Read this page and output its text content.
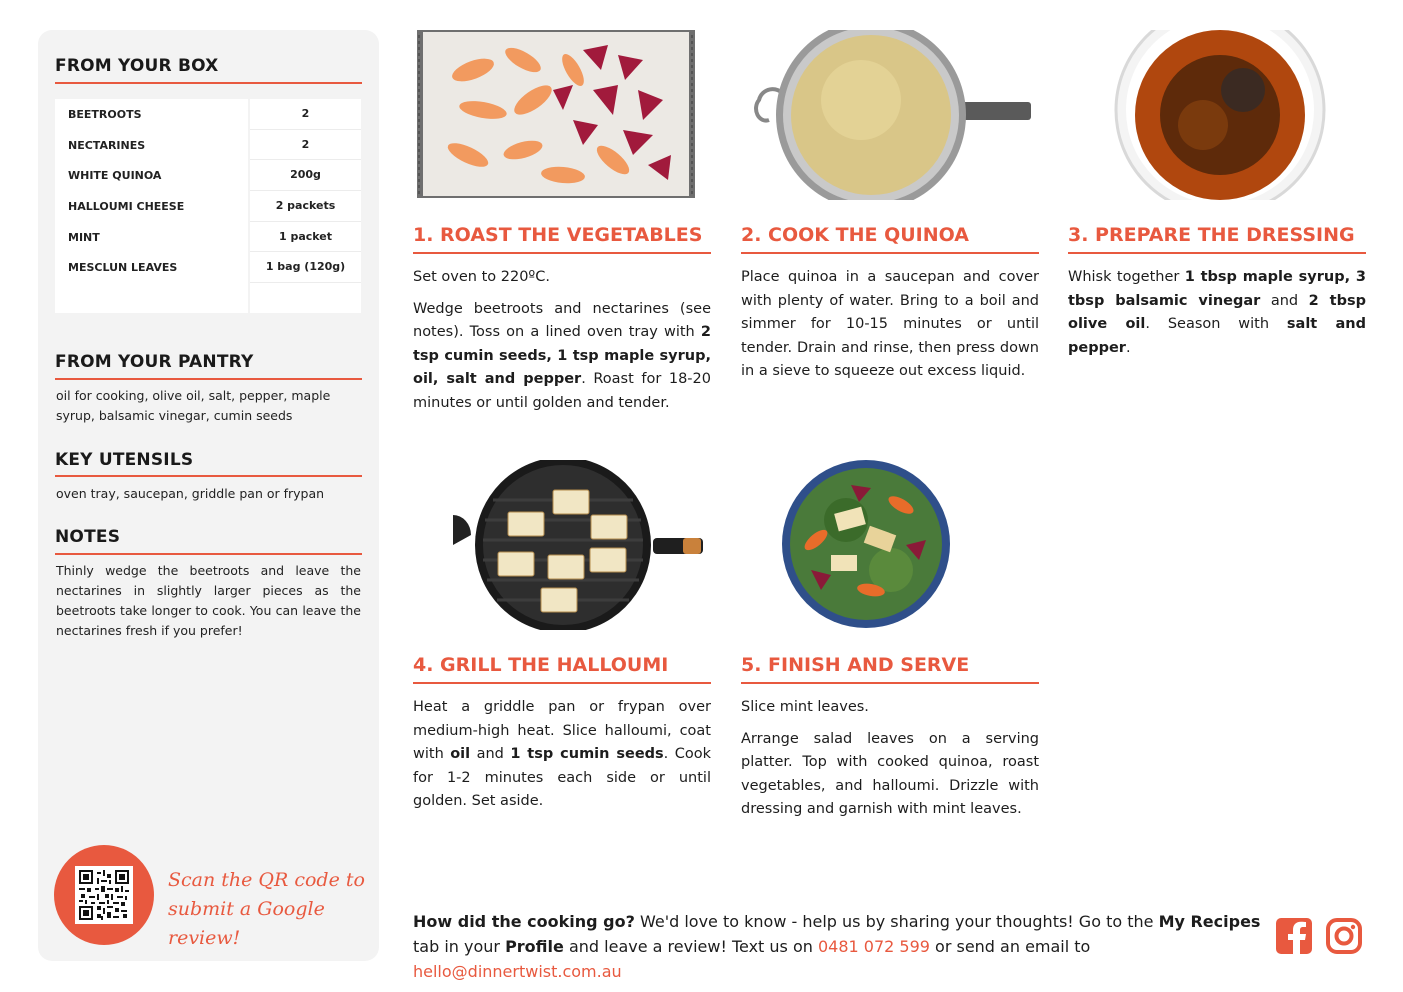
FROM YOUR BOX
BEETROOTS	2
NECTARINES	2
WHITE QUINOA	200g
HALLOUMI CHEESE	2 packets
MINT	1 packet
MESCLUN LEAVES	1 bag (120g)
FROM YOUR PANTRY
oil for cooking, olive oil, salt, pepper, maple syrup, balsamic vinegar, cumin seeds
KEY UTENSILS
oven tray, saucepan, griddle pan or frypan
NOTES
Thinly wedge the beetroots and leave the nectarines in slightly larger pieces as the beetroots take longer to cook. You can leave the nectarines fresh if you prefer!
Scan the QR code to submit a Google review!
1. ROAST THE VEGETABLES

Set oven to 220ºC.

Wedge beetroots and nectarines (see notes). Toss on a lined oven tray with 2 tsp cumin seeds, 1 tsp maple syrup, oil, salt and pepper. Roast for 18-20 minutes or until golden and tender.

2. COOK THE QUINOA

Place quinoa in a saucepan and cover with plenty of water. Bring to a boil and simmer for 10-15 minutes or until tender. Drain and rinse, then press down in a sieve to squeeze out excess liquid.

3. PREPARE THE DRESSING

Whisk together 1 tbsp maple syrup, 3 tbsp balsamic vinegar and 2 tbsp olive oil. Season with salt and pepper.

4. GRILL THE HALLOUMI

Heat a griddle pan or frypan over medium-high heat. Slice halloumi, coat with oil and 1 tsp cumin seeds. Cook for 1-2 minutes each side or until golden. Set aside.

5. FINISH AND SERVE

Slice mint leaves.

Arrange salad leaves on a serving platter. Top with cooked quinoa, roast vegetables, and halloumi. Drizzle with dressing and garnish with mint leaves.

How did the cooking go? We'd love to know - help us by sharing your thoughts! Go to the My Recipes tab in your Profile and leave a review! Text us on 0481 072 599 or send an email to hello@dinnertwist.com.au
